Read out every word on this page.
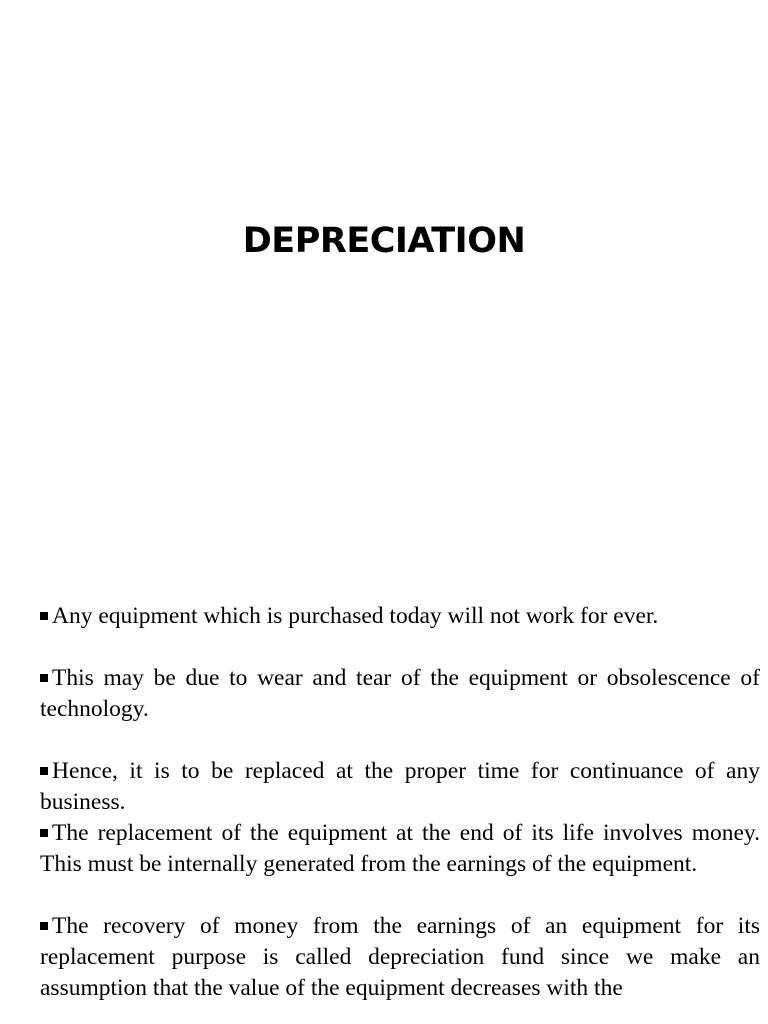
DEPRECIATION

Any equipment which is purchased today will not work for ever.

This may be due to wear and tear of the equipment or obsolescence of technology.

Hence, it is to be replaced at the proper time for continuance of any business.

The replacement of the equipment at the end of its life involves money. This must be internally generated from the earnings of the equipment.

The recovery of money from the earnings of an equipment for its replacement purpose is called depreciation fund since we make an assumption that the value of the equipment decreases with the
